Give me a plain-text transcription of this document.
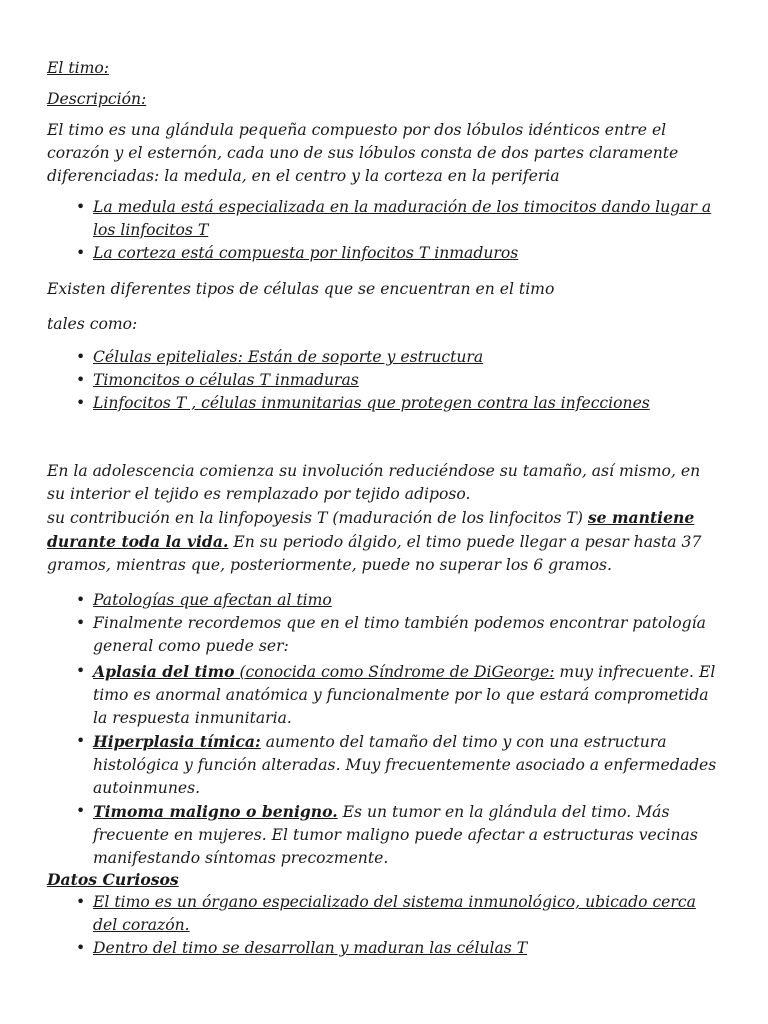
El timo:

Descripción:

El timo es una glándula pequeña compuesto por dos lóbulos idénticos entre el corazón y el esternón, cada uno de sus lóbulos consta de dos partes claramente diferenciadas: la medula, en el centro y la corteza en la periferia

• La medula está especializada en la maduración de los timocitos dando lugar a los linfocitos T
• La corteza está compuesta por linfocitos T inmaduros

Existen diferentes tipos de células que se encuentran en el timo

tales como:

• Células epiteliales: Están de soporte y estructura
• Timoncitos o células T inmaduras
• Linfocitos T , células inmunitarias que protegen contra las infecciones

En la adolescencia comienza su involución reduciéndose su tamaño, así mismo, en su interior el tejido es remplazado por tejido adiposo.
su contribución en la linfopoyesis T (maduración de los linfocitos T) se mantiene durante toda la vida. En su periodo álgido, el timo puede llegar a pesar hasta 37 gramos, mientras que, posteriormente, puede no superar los 6 gramos.

• Patologías que afectan al timo
• Finalmente recordemos que en el timo también podemos encontrar patología general como puede ser:
• Aplasia del timo (conocida como Síndrome de DiGeorge: muy infrecuente. El timo es anormal anatómica y funcionalmente por lo que estará comprometida la respuesta inmunitaria.
• Hiperplasia tímica: aumento del tamaño del timo y con una estructura histológica y función alteradas. Muy frecuentemente asociado a enfermedades autoinmunes.
• Timoma maligno o benigno. Es un tumor en la glándula del timo. Más frecuente en mujeres. El tumor maligno puede afectar a estructuras vecinas manifestando síntomas precozmente.

Datos Curiosos

• El timo es un órgano especializado del sistema inmunológico, ubicado cerca del corazón.
• Dentro del timo se desarrollan y maduran las células T
